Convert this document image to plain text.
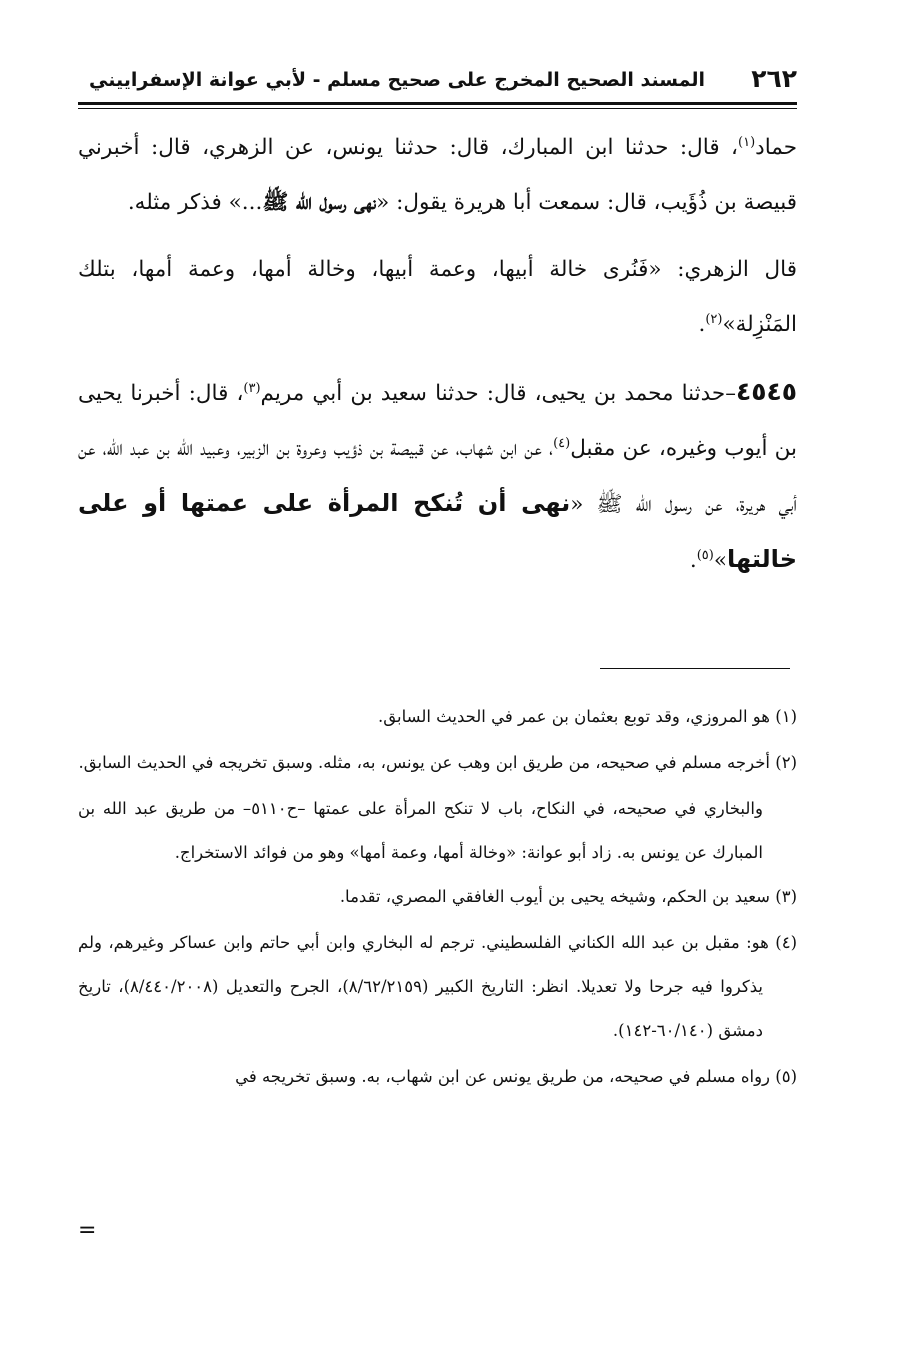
٢٦٢
المسند الصحيح المخرج على صحيح مسلم - لأبي عوانة الإسفراييني

حماد$^{(١)}$، قال: حدثنا ابن المبارك، قال: حدثنا يونس، عن الزهري، قال: أخبرني قبيصة بن ذُؤَيب، قال: سمعت أبا هريرة يقول: «نهى رسول الله ﷺ...» فذكر مثله.

قال الزهري: «فَنُرى خالة أبيها، وعمة أبيها، وخالة أمها، وعمة أمها، بتلك المَنْزِلة»$^{(٢)}$.

٤٥٤٥–حدثنا محمد بن يحيى، قال: حدثنا سعيد بن أبي مريم$^{(٣)}$، قال: أخبرنا يحيى بن أيوب وغيره، عن مقبل$^{(٤)}$، عن ابن شهاب، عن قبيصة بن ذؤيب وعروة بن الزبير، وعبيد الله بن عبد الله، عن أبي هريرة، عن رسول الله ﷺ «نهى أن تُنكح المرأة على عمتها أو على خالتها»$^{(٥)}$.

(١) هو المروزي، وقد توبع بعثمان بن عمر في الحديث السابق.

(٢) أخرجه مسلم في صحيحه، من طريق ابن وهب عن يونس، به، مثله. وسبق تخريجه في الحديث السابق.

والبخاري في صحيحه، في النكاح، باب لا تنكح المرأة على عمتها –ح٥١١٠– من طريق عبد الله بن المبارك عن يونس به. زاد أبو عوانة: «وخالة أمها، وعمة أمها» وهو من فوائد الاستخراج.

(٣) سعيد بن الحكم، وشيخه يحيى بن أيوب الغافقي المصري، تقدما.

(٤) هو: مقبل بن عبد الله الكناني الفلسطيني. ترجم له البخاري وابن أبي حاتم وابن عساكر وغيرهم، ولم يذكروا فيه جرحا ولا تعديلا. انظر: التاريخ الكبير (٨/٦٢/٢١٥٩)، الجرح والتعديل (٨/٤٤٠/٢٠٠٨)، تاريخ دمشق (٦٠/١٤٠-١٤٢).

(٥) رواه مسلم في صحيحه، من طريق يونس عن ابن شهاب، به. وسبق تخريجه في

=
